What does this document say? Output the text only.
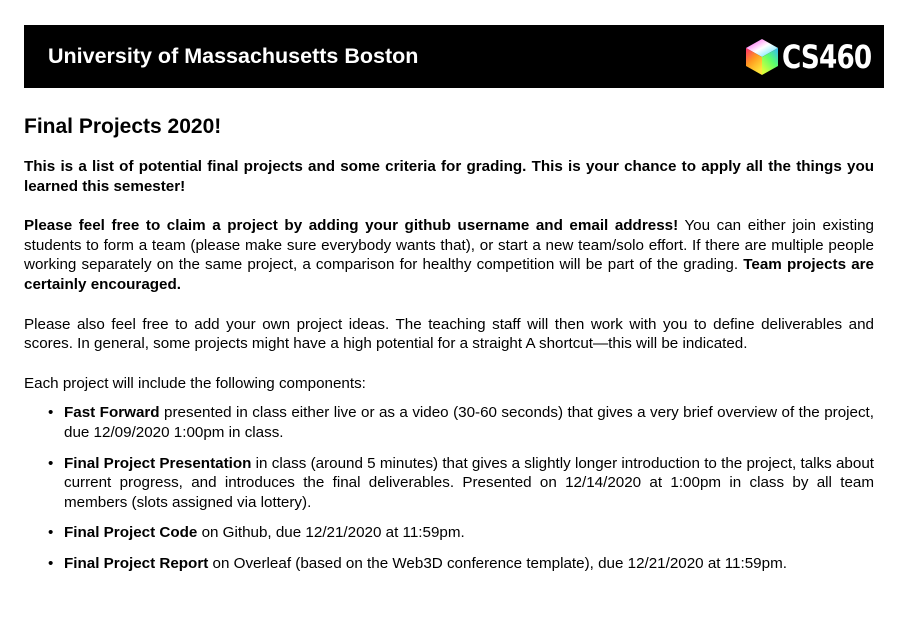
University of Massachusetts Boston	CS460
Final Projects 2020!

This is a list of potential final projects and some criteria for grading. This is your chance to apply all the things you learned this semester!

Please feel free to claim a project by adding your github username and email address! You can either join existing students to form a team (please make sure everybody wants that), or start a new team/solo effort. If there are multiple people working separately on the same project, a comparison for healthy competition will be part of the grading. Team projects are certainly encouraged.

Please also feel free to add your own project ideas. The teaching staff will then work with you to define deliverables and scores. In general, some projects might have a high potential for a straight A shortcut—this will be indicated.

Each project will include the following components:

• Fast Forward presented in class either live or as a video (30-60 seconds) that gives a very brief overview of the project, due 12/09/2020 1:00pm in class.
• Final Project Presentation in class (around 5 minutes) that gives a slightly longer introduction to the project, talks about current progress, and introduces the final deliverables. Presented on 12/14/2020 at 1:00pm in class by all team members (slots assigned via lottery).
• Final Project Code on Github, due 12/21/2020 at 11:59pm.
• Final Project Report on Overleaf (based on the Web3D conference template), due 12/21/2020 at 11:59pm.
